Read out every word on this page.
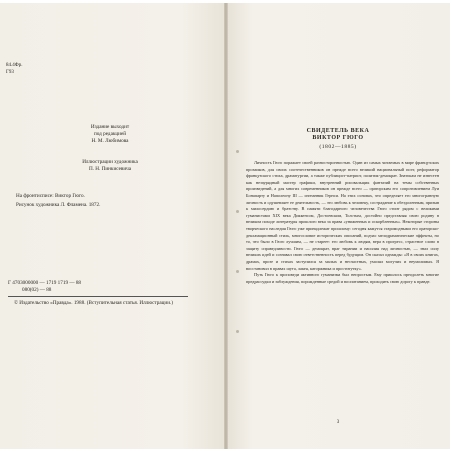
84.4Фр.
Г93
Издание выходит
под редакцией
Н. М. Любимова
Иллюстрации художника
П. Н. Пинкисевича
На фронтисписе: Виктор Гюго.
Рисунок художника Л. Фламена. 1872.
Г 4703000000 — 1719 1719 — 88
080(02) — 88
© Издательство «Правда». 1988. (Вступительная статья. Иллюстрации.)
СВИДЕТЕЛЬ ВЕКА
ВИКТОР ГЮГО
(1802—1885)

Личность Гюго поражает своей разносторонностью. Один из самых читаемых в мире французских прозаиков, для своих соотечественников он прежде всего великий национальный поэт, реформатор французского стиха, драматургии, а также публицист-патриот, политик-демократ. Знатокам не известен как незаурядный мастер графики, внутренний рисовальщик фантазий на темы собственных произведений, а для многих современников он прежде всего — ораторским его сопротивлением Луи Бонапарту и Наполеону III — изгнанник Гернси. На этих основах, что определяет его многогранную личность и одушевляет ее деятельность, — это любовь к человеку, сострадание к обездоленным, призыв к милосердию и братству. В памяти благодарного человечества Гюго стоит рядом с великими гуманистами XIX века Диккенсом, Достоевским, Толстым, достойно представляя свою родину в великом походе литературы прошлого века за права «униженных и оскорбленных». Некоторые стороны творческого наследия Гюго уже принадлежат прошлому: сегодня кажутся старомодными его ораторски-декламационный стиль, многословие исторических описаний, подчас мелодраматические эффекты, но то, что было в Гюго лучшим, — не стареет: его любовь к людям, вера в прогресс, страстное слово в защиту справедливости. Гюго — демократ, враг тирании и насилия над личностью, — знал силу великих идей и сознавал свою ответственность перед будущим. Он сказал однажды: «Я в своих книгах, драмах, прозе и стихах заступился за малых и несчастных, умолял могучих и неумолимых. Я восстановил в правах шута, лакея, каторжника и проститутку».

Путь Гюго к проповеди активного гуманизма был непростым. Ему пришлось преодолеть многие предрассудки и заблуждения, порожденные средой и воспитанием, проходить свою дорогу к правде.

3
